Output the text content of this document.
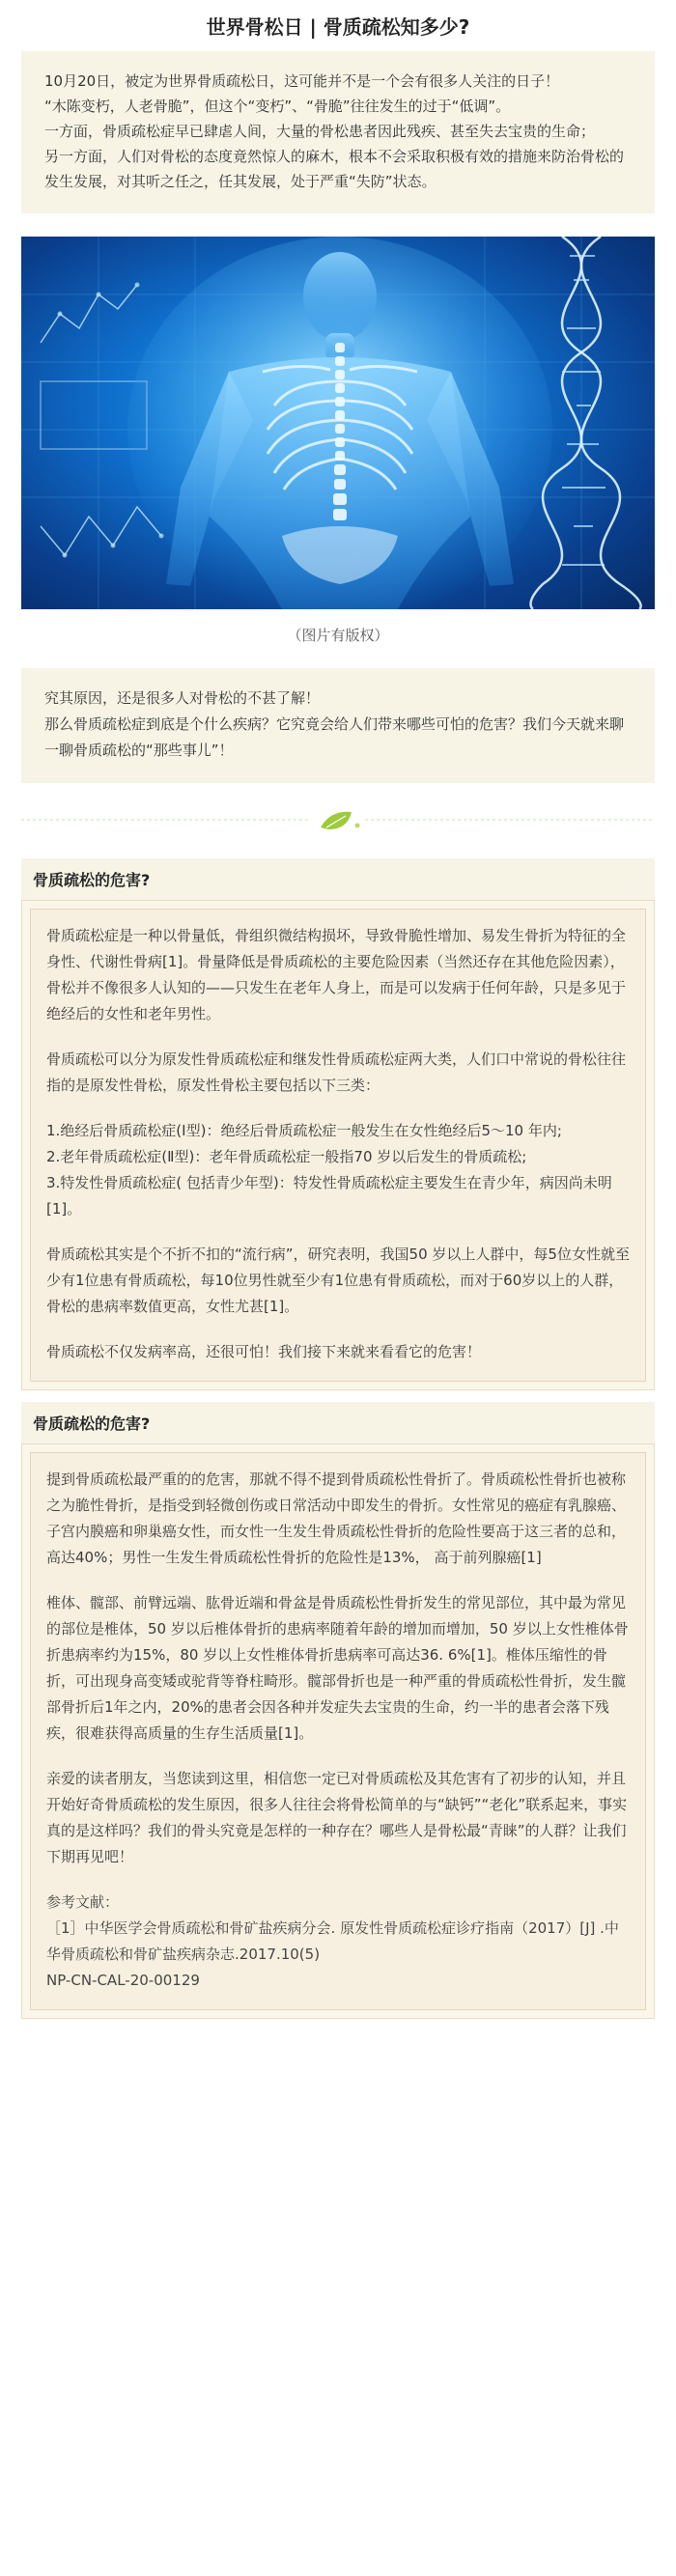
世界骨松日 | 骨质疏松知多少?

10月20日，被定为世界骨质疏松日，这可能并不是一个会有很多人关注的日子！

“木陈变朽，人老骨脆”，但这个“变朽”、“骨脆”往往发生的过于“低调”。

一方面，骨质疏松症早已肆虐人间，大量的骨松患者因此残疾、甚至失去宝贵的生命；

另一方面，人们对骨松的态度竟然惊人的麻木，根本不会采取积极有效的措施来防治骨松的发生发展，对其听之任之，任其发展，处于严重“失防”状态。

（图片有版权）

究其原因，还是很多人对骨松的不甚了解！

那么骨质疏松症到底是个什么疾病？它究竟会给人们带来哪些可怕的危害？我们今天就来聊一聊骨质疏松的“那些事儿”！

骨质疏松的危害?

骨质疏松症是一种以骨量低，骨组织微结构损坏，导致骨脆性增加、易发生骨折为特征的全身性、代谢性骨病[1]。骨量降低是骨质疏松的主要危险因素（当然还存在其他危险因素），骨松并不像很多人认知的——只发生在老年人身上，而是可以发病于任何年龄，只是多见于绝经后的女性和老年男性。

骨质疏松可以分为原发性骨质疏松症和继发性骨质疏松症两大类，人们口中常说的骨松往往指的是原发性骨松，原发性骨松主要包括以下三类：

1.绝经后骨质疏松症(Ⅰ型)：绝经后骨质疏松症一般发生在女性绝经后5～10 年内;

2.老年骨质疏松症(Ⅱ型)：老年骨质疏松症一般指70 岁以后发生的骨质疏松;

3.特发性骨质疏松症( 包括青少年型)：特发性骨质疏松症主要发生在青少年，病因尚未明[1]。

骨质疏松其实是个不折不扣的“流行病”，研究表明，我国50 岁以上人群中，每5位女性就至少有1位患有骨质疏松，每10位男性就至少有1位患有骨质疏松，而对于60岁以上的人群，骨松的患病率数值更高，女性尤甚[1]。

骨质疏松不仅发病率高，还很可怕！我们接下来就来看看它的危害！

骨质疏松的危害?

提到骨质疏松最严重的的危害，那就不得不提到骨质疏松性骨折了。骨质疏松性骨折也被称之为脆性骨折，是指受到轻微创伤或日常活动中即发生的骨折。女性常见的癌症有乳腺癌、子宫内膜癌和卵巢癌女性，而女性一生发生骨质疏松性骨折的危险性要高于这三者的总和，高达40%；男性一生发生骨质疏松性骨折的危险性是13%， 高于前列腺癌[1]

椎体、髋部、前臂远端、肱骨近端和骨盆是骨质疏松性骨折发生的常见部位，其中最为常见的部位是椎体，50 岁以后椎体骨折的患病率随着年龄的增加而增加，50 岁以上女性椎体骨折患病率约为15%，80 岁以上女性椎体骨折患病率可高达36. 6%[1]。椎体压缩性的骨折，可出现身高变矮或驼背等脊柱畸形。髋部骨折也是一种严重的骨质疏松性骨折，发生髋部骨折后1年之内，20%的患者会因各种并发症失去宝贵的生命，约一半的患者会落下残疾，很难获得高质量的生存生活质量[1]。

亲爱的读者朋友，当您读到这里，相信您一定已对骨质疏松及其危害有了初步的认知，并且开始好奇骨质疏松的发生原因，很多人往往会将骨松简单的与“缺钙”“老化”联系起来，事实真的是这样吗？我们的骨头究竟是怎样的一种存在？哪些人是骨松最“青睐”的人群？让我们下期再见吧！

参考文献：

［1］中华医学会骨质疏松和骨矿盐疾病分会. 原发性骨质疏松症诊疗指南（2017）[J] .中华骨质疏松和骨矿盐疾病杂志.2017.10(5)

NP-CN-CAL-20-00129
